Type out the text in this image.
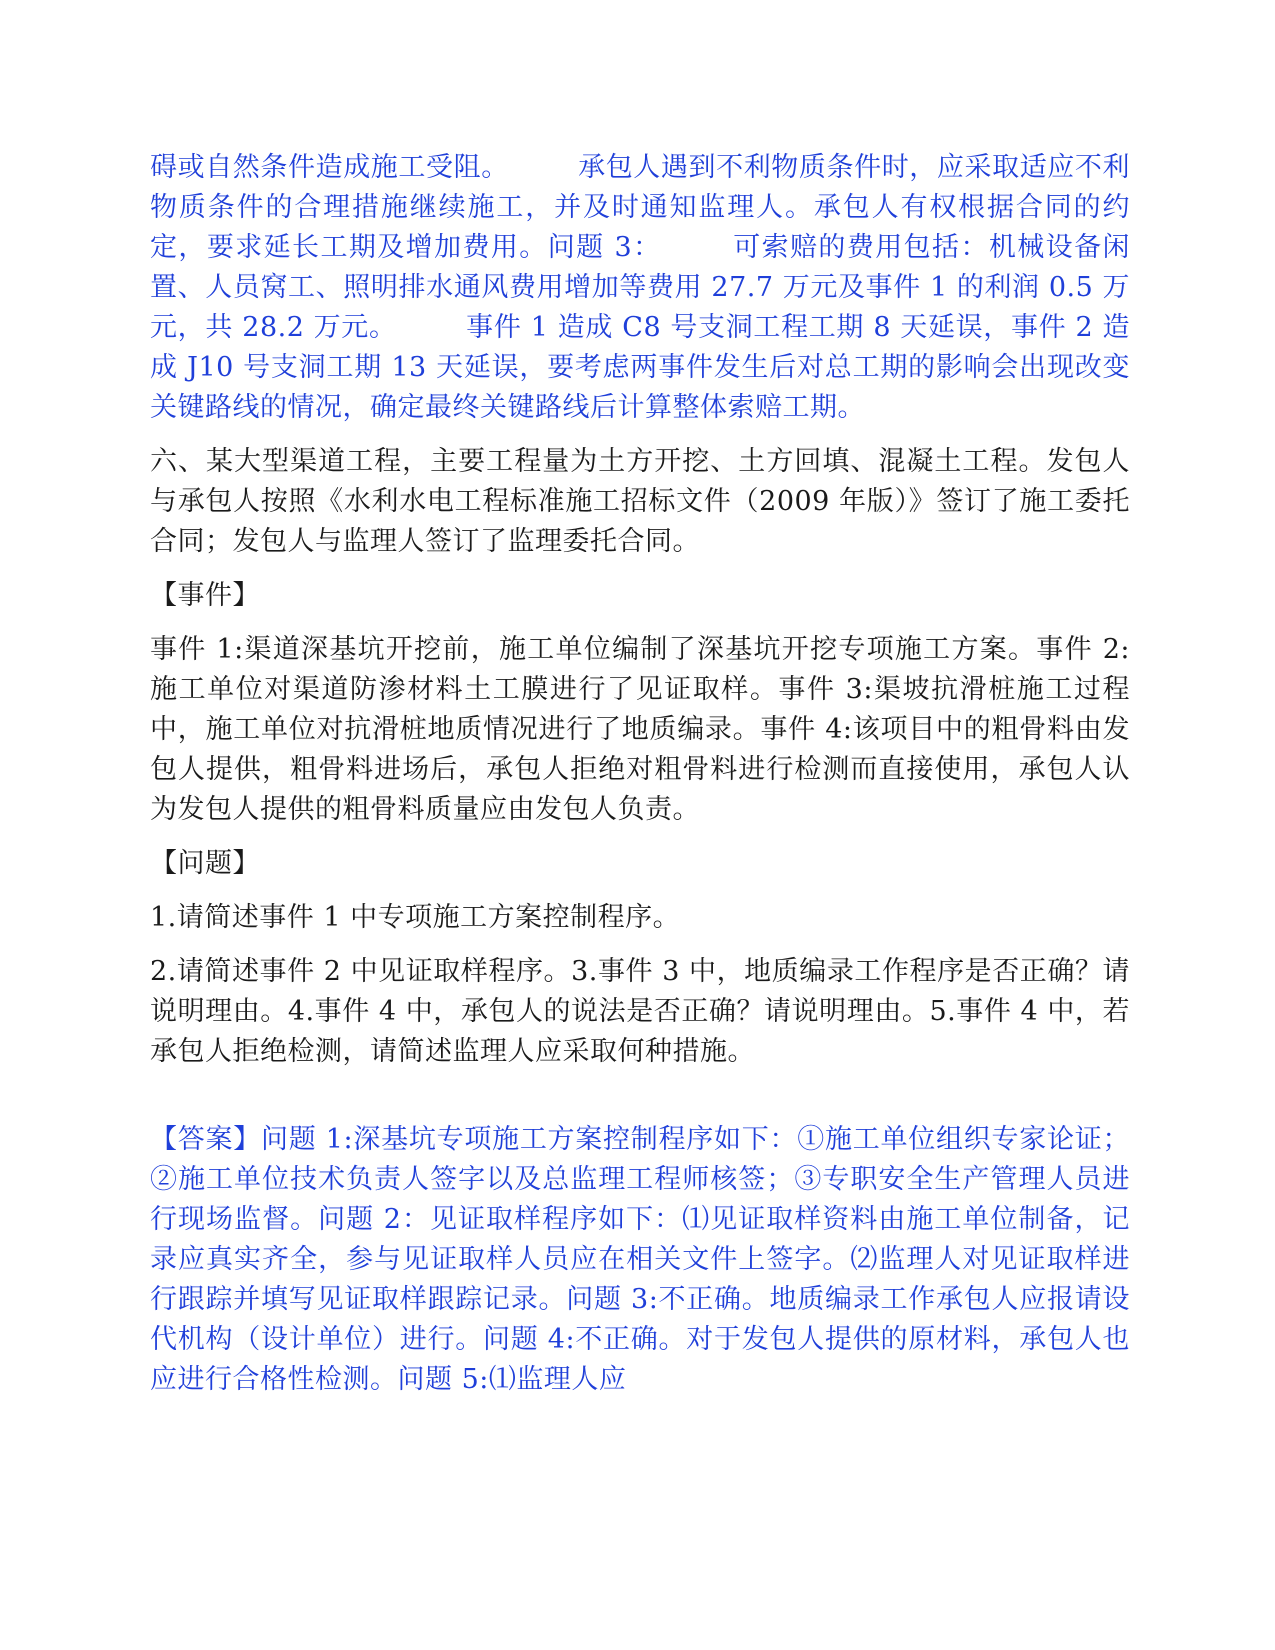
碍或自然条件造成施工受阻。　　　承包人遇到不利物质条件时，应采取适应不利物质条件的合理措施继续施工，并及时通知监理人。承包人有权根据合同的约定，要求延长工期及增加费用。问题 3：　　　可索赔的费用包括：机械设备闲置、人员窝工、照明排水通风费用增加等费用 27.7 万元及事件 1 的利润 0.5 万元，共 28.2 万元。　　　事件 1 造成 C8 号支洞工程工期 8 天延误，事件 2 造成 J10 号支洞工期 13 天延误，要考虑两事件发生后对总工期的影响会出现改变关键路线的情况，确定最终关键路线后计算整体索赔工期。

六、某大型渠道工程，主要工程量为土方开挖、土方回填、混凝土工程。发包人与承包人按照《水利水电工程标准施工招标文件（2009 年版）》签订了施工委托合同；发包人与监理人签订了监理委托合同。

【事件】

事件 1:渠道深基坑开挖前，施工单位编制了深基坑开挖专项施工方案。事件 2:施工单位对渠道防渗材料土工膜进行了见证取样。事件 3:渠坡抗滑桩施工过程中，施工单位对抗滑桩地质情况进行了地质编录。事件 4:该项目中的粗骨料由发包人提供，粗骨料进场后，承包人拒绝对粗骨料进行检测而直接使用，承包人认为发包人提供的粗骨料质量应由发包人负责。

【问题】

1.请简述事件 1 中专项施工方案控制程序。

2.请简述事件 2 中见证取样程序。3.事件 3 中，地质编录工作程序是否正确？请说明理由。4.事件 4 中，承包人的说法是否正确？请说明理由。5.事件 4 中，若承包人拒绝检测，请简述监理人应采取何种措施。

【答案】问题 1:深基坑专项施工方案控制程序如下：①施工单位组织专家论证；②施工单位技术负责人签字以及总监理工程师核签；③专职安全生产管理人员进行现场监督。问题 2：见证取样程序如下：⑴见证取样资料由施工单位制备，记录应真实齐全，参与见证取样人员应在相关文件上签字。⑵监理人对见证取样进行跟踪并填写见证取样跟踪记录。问题 3:不正确。地质编录工作承包人应报请设代机构（设计单位）进行。问题 4:不正确。对于发包人提供的原材料，承包人也应进行合格性检测。问题 5:⑴监理人应
